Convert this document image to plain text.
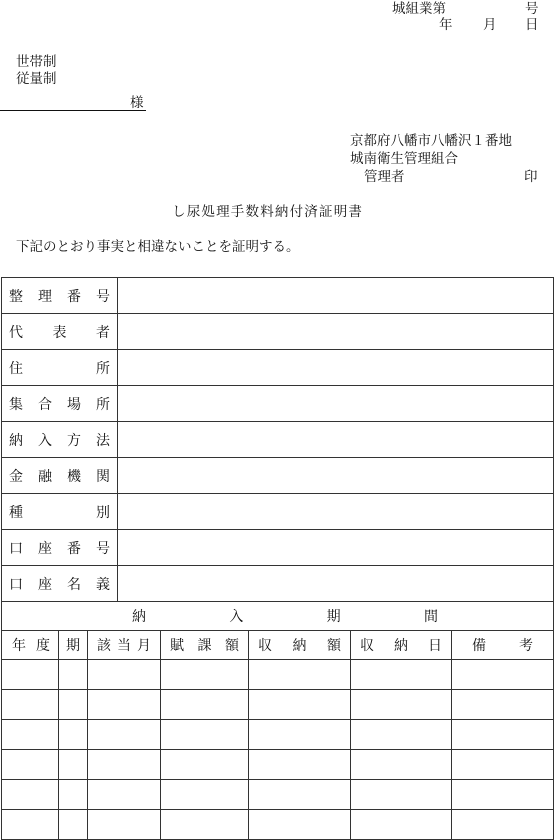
城組業第	号
年 月 日
世帯制
従量制
様
京都府八幡市八幡沢１番地
城南衛生管理組合
管理者	印
し尿処理手数料納付済証明書
下記のとおり事実と相違ないことを証明する。
整 理 番 号	

代 表 者	

住 所	

集 合 場 所	

納 入 方 法	

金 融 機 関	

種 別	

口 座 番 号	

口 座 名 義	

納 入 期 間						

年 度	期	該 当 月	賦 課 額	収 納 額	収 納 日	備 考
